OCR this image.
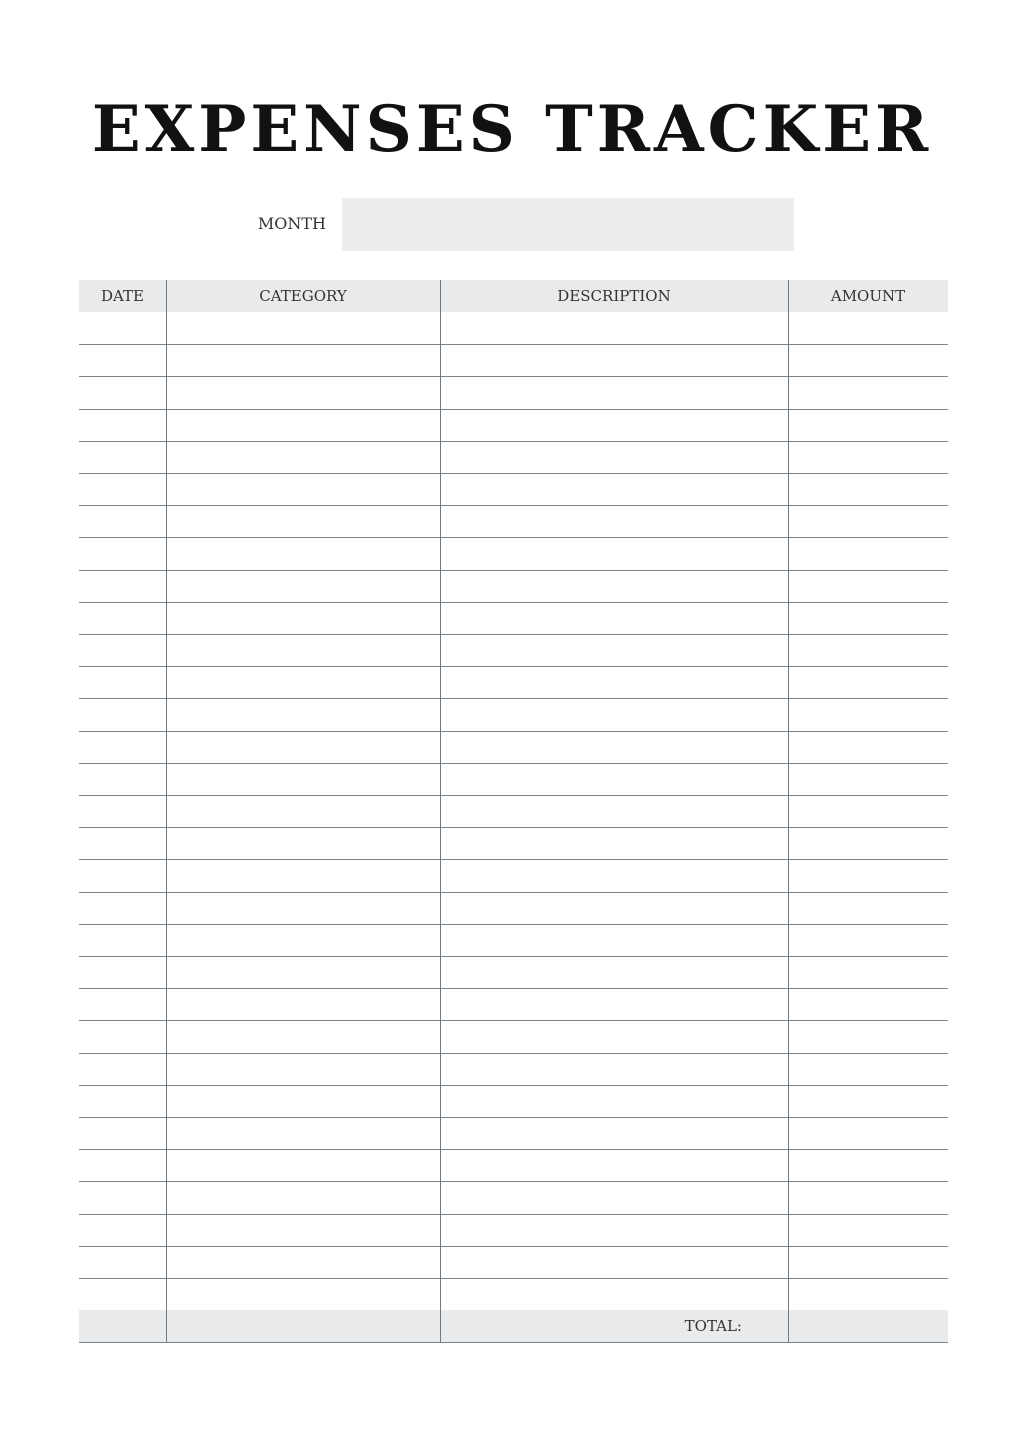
EXPENSES TRACKER
MONTH
DATE	CATEGORY	DESCRIPTION	AMOUNT
TOTAL:
